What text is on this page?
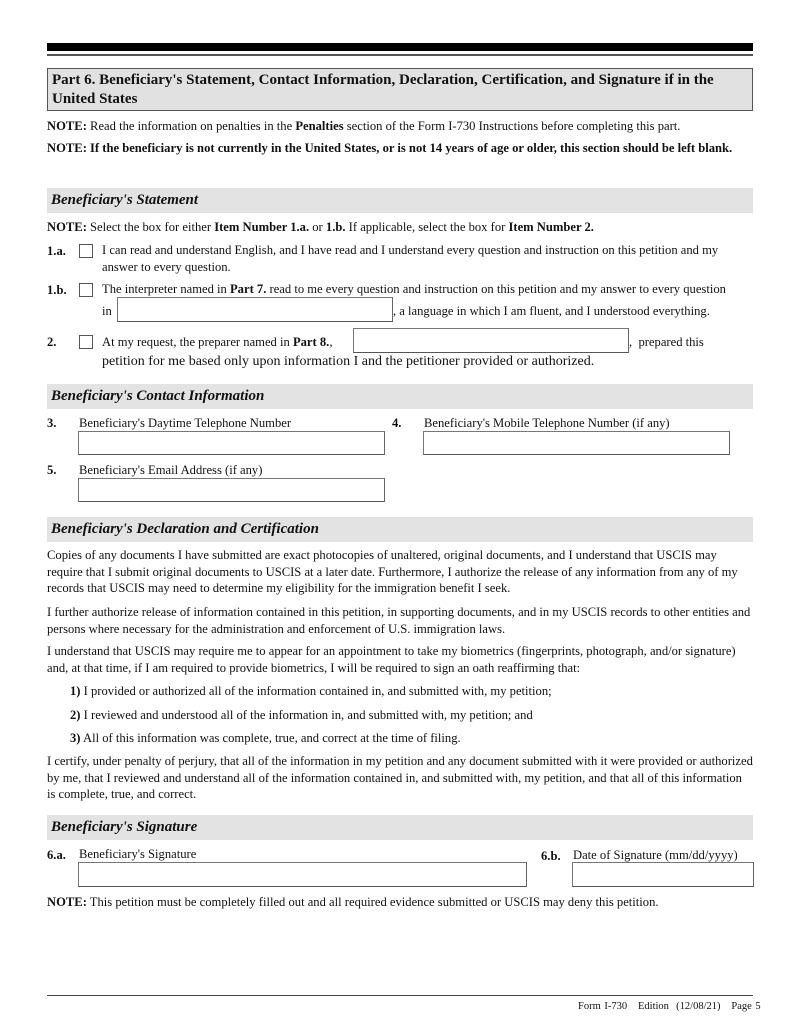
Part 6. Beneficiary's Statement, Contact Information, Declaration, Certification, and Signature if in the
United States
NOTE: Read the information on penalties in the Penalties section of the Form I-730 Instructions before completing this part.
NOTE: If the beneficiary is not currently in the United States, or is not 14 years of age or older, this section should be left blank.
Beneficiary's Statement
NOTE: Select the box for either Item Number 1.a. or 1.b. If applicable, select the box for Item Number 2.
1.a.	I can read and understand English, and I have read and I understand every question and instruction on this petition and my
answer to every question.
1.b.	The interpreter named in Part 7. read to me every question and instruction on this petition and my answer to every question
in	, a language in which I am fluent, and I understood everything.
2.	At my request, the preparer named in Part 8.,	,  prepared this
petition for me based only upon information I and the petitioner provided or authorized.
Beneficiary's Contact Information
3. Beneficiary's Daytime Telephone Number	4. Beneficiary's Mobile Telephone Number (if any)
5. Beneficiary's Email Address (if any)
Beneficiary's Declaration and Certification
Copies of any documents I have submitted are exact photocopies of unaltered, original documents, and I understand that USCIS may require that I submit original documents to USCIS at a later date. Furthermore, I authorize the release of any information from any of my records that USCIS may need to determine my eligibility for the immigration benefit I seek.
I further authorize release of information contained in this petition, in supporting documents, and in my USCIS records to other entities and persons where necessary for the administration and enforcement of U.S. immigration laws.
I understand that USCIS may require me to appear for an appointment to take my biometrics (fingerprints, photograph, and/or signature) and, at that time, if I am required to provide biometrics, I will be required to sign an oath reaffirming that:
1) I provided or authorized all of the information contained in, and submitted with, my petition;
2) I reviewed and understood all of the information in, and submitted with, my petition; and
3) All of this information was complete, true, and correct at the time of filing.
I certify, under penalty of perjury, that all of the information in my petition and any document submitted with it were provided or authorized by me, that I reviewed and understand all of the information contained in, and submitted with, my petition, and that all of this information is complete, true, and correct.
Beneficiary's Signature
6.a. Beneficiary's Signature	6.b. Date of Signature (mm/dd/yyyy)
NOTE: This petition must be completely filled out and all required evidence submitted or USCIS may deny this petition.
Form I-730   Edition  (12/08/21)   Page 5
